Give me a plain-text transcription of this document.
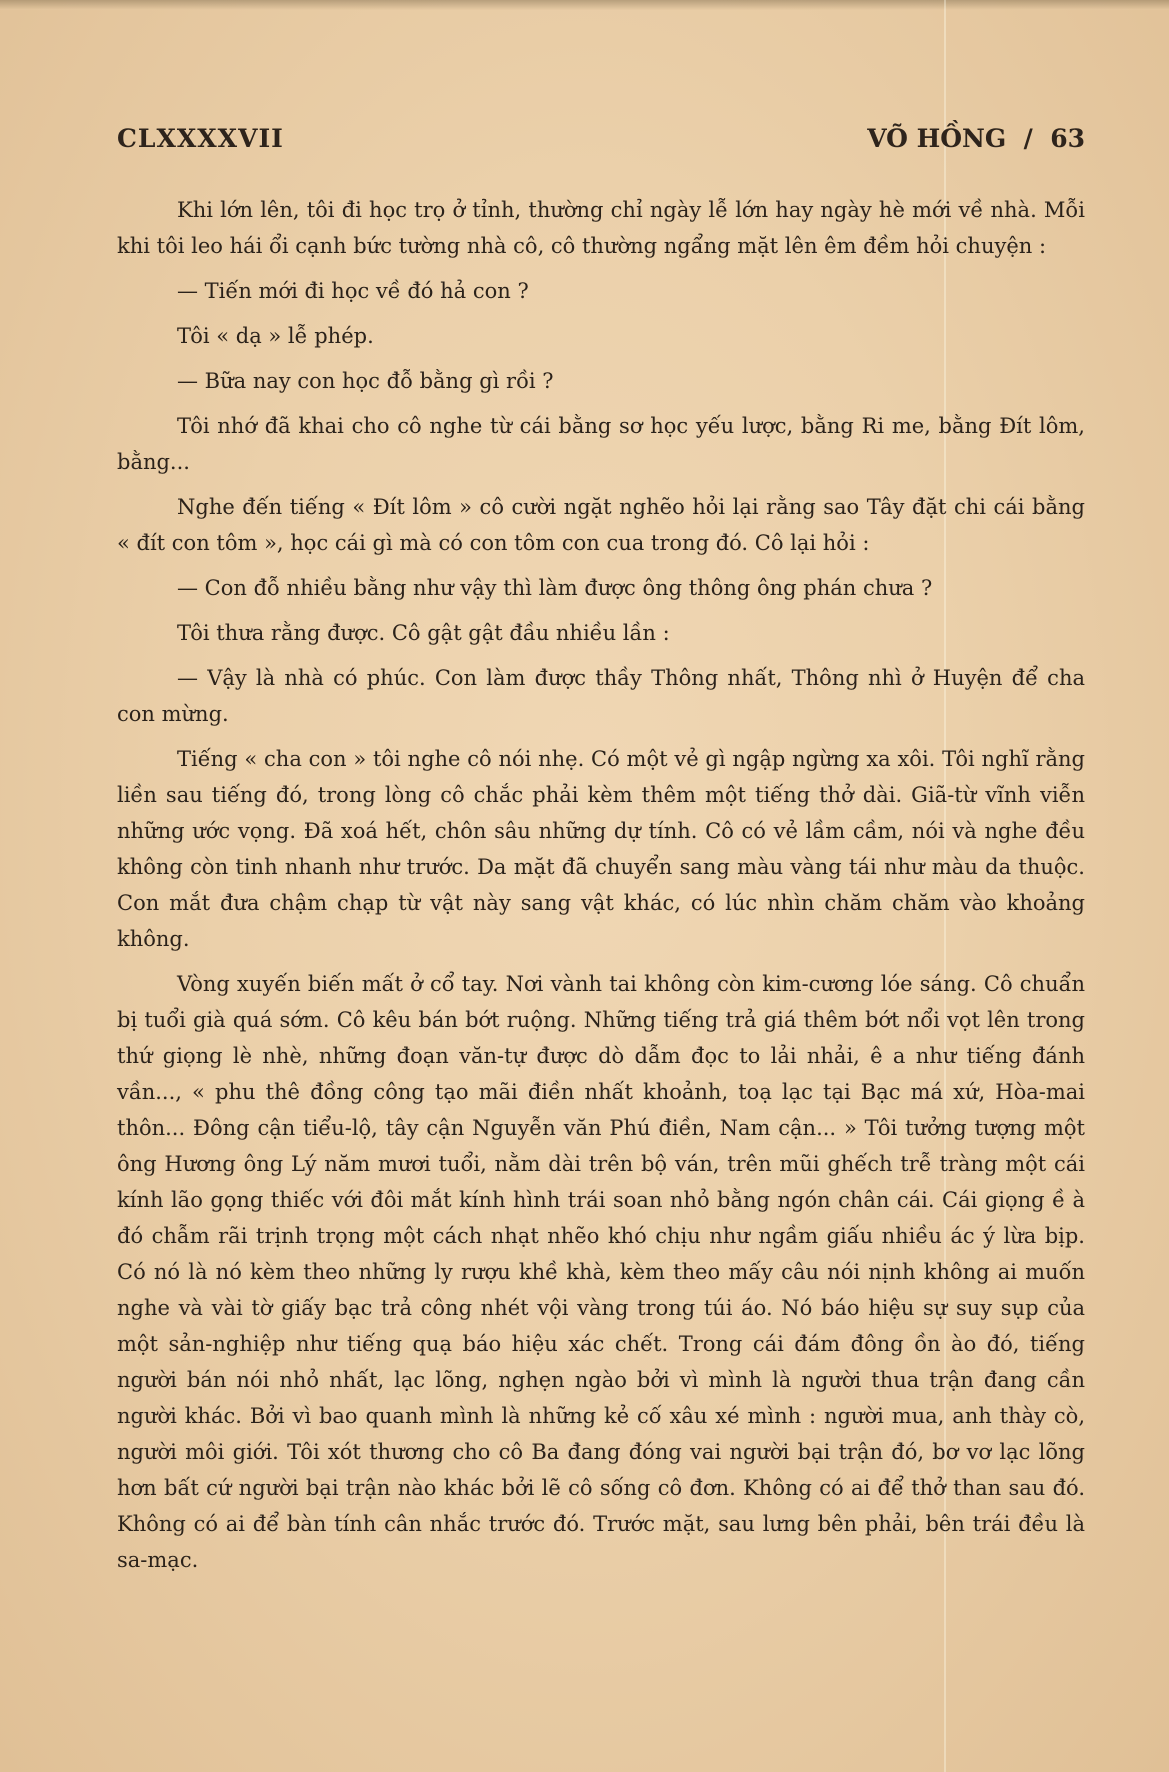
CLXXXXVII	VÕ HỒNG  /  63

Khi lớn lên, tôi đi học trọ ở tỉnh, thường chỉ ngày lễ lớn hay ngày hè mới về nhà. Mỗi khi tôi leo hái ổi cạnh bức tường nhà cô, cô thường ngẩng mặt lên êm đềm hỏi chuyện :

— Tiến mới đi học về đó hả con ?

Tôi « dạ » lễ phép.

— Bữa nay con học đỗ bằng gì rồi ?

Tôi nhớ đã khai cho cô nghe từ cái bằng sơ học yếu lược, bằng Ri me, bằng Đít lôm, bằng...

Nghe đến tiếng « Đít lôm » cô cười ngặt nghẽo hỏi lại rằng sao Tây đặt chi cái bằng « đít con tôm », học cái gì mà có con tôm con cua trong đó. Cô lại hỏi :

— Con đỗ nhiều bằng như vậy thì làm được ông thông ông phán chưa ?

Tôi thưa rằng được. Cô gật gật đầu nhiều lần :

— Vậy là nhà có phúc. Con làm được thầy Thông nhất, Thông nhì ở Huyện để cha con mừng.

Tiếng « cha con » tôi nghe cô nói nhẹ. Có một vẻ gì ngập ngừng xa xôi. Tôi nghĩ rằng liền sau tiếng đó, trong lòng cô chắc phải kèm thêm một tiếng thở dài. Giã-từ vĩnh viễn những ước vọng. Đã xoá hết, chôn sâu những dự tính. Cô có vẻ lầm cầm, nói và nghe đều không còn tinh nhanh như trước. Da mặt đã chuyển sang màu vàng tái như màu da thuộc. Con mắt đưa chậm chạp từ vật này sang vật khác, có lúc nhìn chăm chăm vào khoảng không.

Vòng xuyến biến mất ở cổ tay. Nơi vành tai không còn kim-cương lóe sáng. Cô chuẩn bị tuổi già quá sớm. Cô kêu bán bớt ruộng. Những tiếng trả giá thêm bớt nổi vọt lên trong thứ giọng lè nhè, những đoạn văn-tự được dò dẫm đọc to lải nhải, ê a như tiếng đánh vần..., « phu thê đồng công tạo mãi điền nhất khoảnh, toạ lạc tại Bạc má xứ, Hòa-mai thôn... Đông cận tiểu-lộ, tây cận Nguyễn văn Phú điền, Nam cận... » Tôi tưởng tượng một ông Hương ông Lý năm mươi tuổi, nằm dài trên bộ ván, trên mũi ghếch trễ tràng một cái kính lão gọng thiếc với đôi mắt kính hình trái soan nhỏ bằng ngón chân cái. Cái giọng ề à đó chẫm rãi trịnh trọng một cách nhạt nhẽo khó chịu như ngầm giấu nhiều ác ý lừa bịp. Có nó là nó kèm theo những ly rượu khề khà, kèm theo mấy câu nói nịnh không ai muốn nghe và vài tờ giấy bạc trả công nhét vội vàng trong túi áo. Nó báo hiệu sự suy sụp của một sản-nghiệp như tiếng quạ báo hiệu xác chết. Trong cái đám đông ồn ào đó, tiếng người bán nói nhỏ nhất, lạc lõng, nghẹn ngào bởi vì mình là người thua trận đang cần người khác. Bởi vì bao quanh mình là những kẻ cố xâu xé mình : người mua, anh thày cò, người môi giới. Tôi xót thương cho cô Ba đang đóng vai người bại trận đó, bơ vơ lạc lõng hơn bất cứ người bại trận nào khác bởi lẽ cô sống cô đơn. Không có ai để thở than sau đó. Không có ai để bàn tính cân nhắc trước đó. Trước mặt, sau lưng bên phải, bên trái đều là sa-mạc.
